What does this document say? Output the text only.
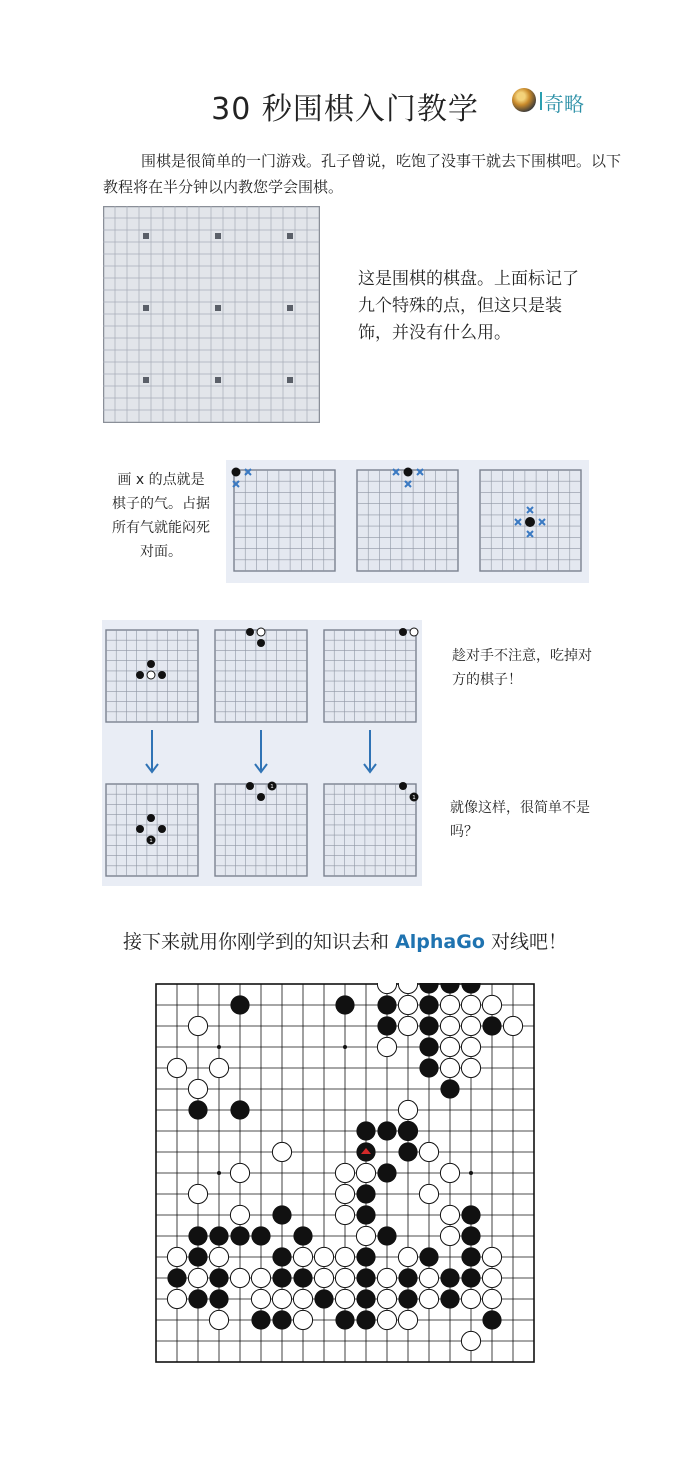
30 秒围棋入门教学	奇略
围棋是很简单的一门游戏。孔子曾说，吃饱了没事干就去下围棋吧。以下教程将在半分钟以内教您学会围棋。
这是围棋的棋盘。上面标记了九个特殊的点，但这只是装饰，并没有什么用。
画 x 的点就是棋子的气。占据所有气就能闷死对面。
1
1
1
趁对手不注意，吃掉对方的棋子！
就像这样，很简单不是吗？
接下来就用你刚学到的知识去和 AlphaGo 对线吧！
